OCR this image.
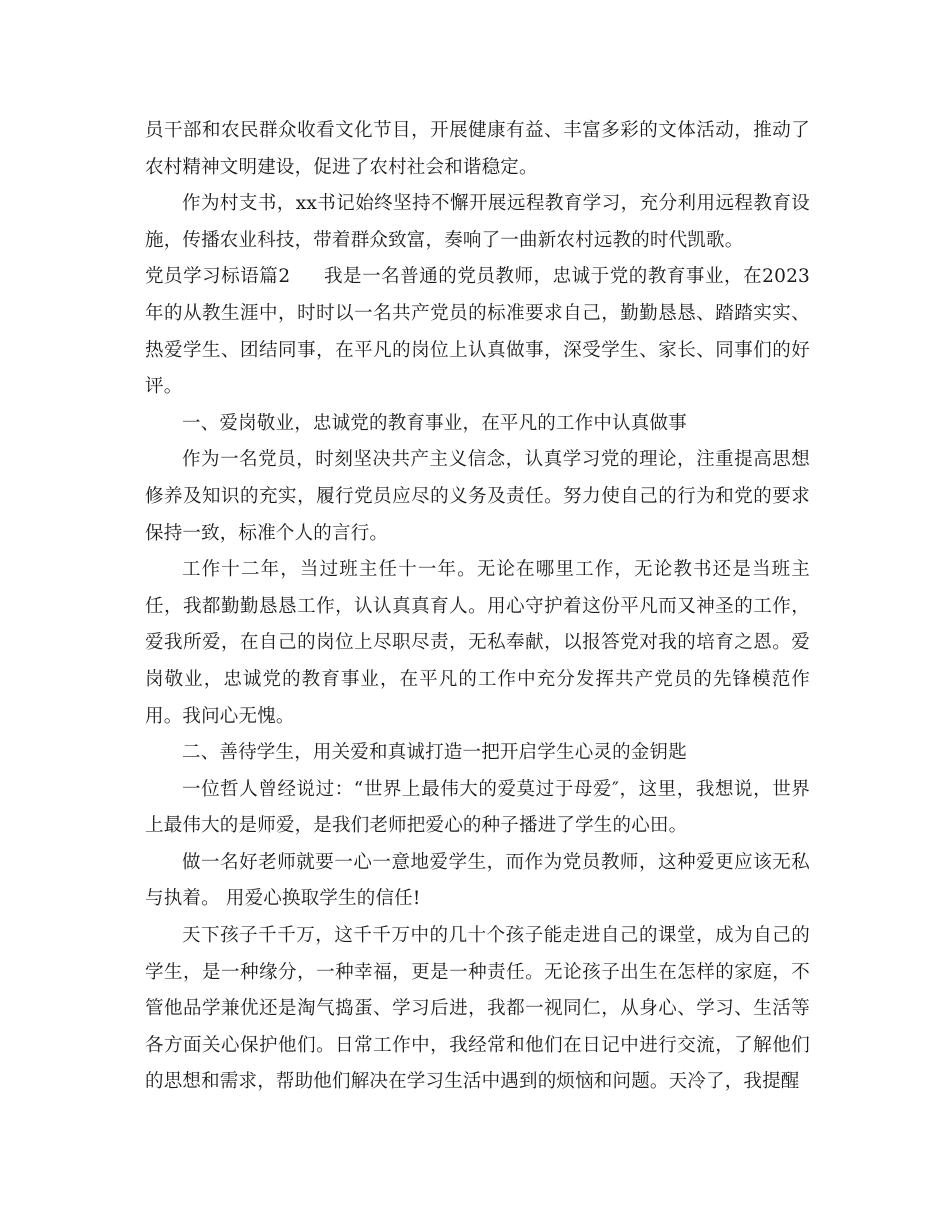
员干部和农民群众收看文化节目，开展健康有益、丰富多彩的文体活动，推动了农村精神文明建设，促进了农村社会和谐稳定。

作为村支书，xx书记始终坚持不懈开展远程教育学习，充分利用远程教育设施，传播农业科技，带着群众致富，奏响了一曲新农村远教的时代凯歌。

党员学习标语篇2 我是一名普通的党员教师，忠诚于党的教育事业，在2023年的从教生涯中，时时以一名共产党员的标准要求自己，勤勤恳恳、踏踏实实、热爱学生、团结同事，在平凡的岗位上认真做事，深受学生、家长、同事们的好评。

一、爱岗敬业，忠诚党的教育事业，在平凡的工作中认真做事

作为一名党员，时刻坚决共产主义信念，认真学习党的理论，注重提高思想修养及知识的充实，履行党员应尽的义务及责任。努力使自己的行为和党的要求保持一致，标准个人的言行。

工作十二年，当过班主任十一年。无论在哪里工作，无论教书还是当班主任，我都勤勤恳恳工作，认认真真育人。用心守护着这份平凡而又神圣的工作，爱我所爱，在自己的岗位上尽职尽责，无私奉献，以报答党对我的培育之恩。爱岗敬业，忠诚党的教育事业，在平凡的工作中充分发挥共产党员的先锋模范作用。我问心无愧。

二、善待学生，用关爱和真诚打造一把开启学生心灵的金钥匙

一位哲人曾经说过：“世界上最伟大的爱莫过于母爱″，这里，我想说，世界上最伟大的是师爱，是我们老师把爱心的种子播进了学生的心田。

做一名好老师就要一心一意地爱学生，而作为党员教师，这种爱更应该无私与执着。 用爱心换取学生的信任!

天下孩子千千万，这千千万中的几十个孩子能走进自己的课堂，成为自己的学生，是一种缘分，一种幸福，更是一种责任。无论孩子出生在怎样的家庭，不管他品学兼优还是淘气捣蛋、学习后进，我都一视同仁，从身心、学习、生活等各方面关心保护他们。日常工作中，我经常和他们在日记中进行交流，了解他们的思想和需求，帮助他们解决在学习生活中遇到的烦恼和问题。天冷了，我提醒
